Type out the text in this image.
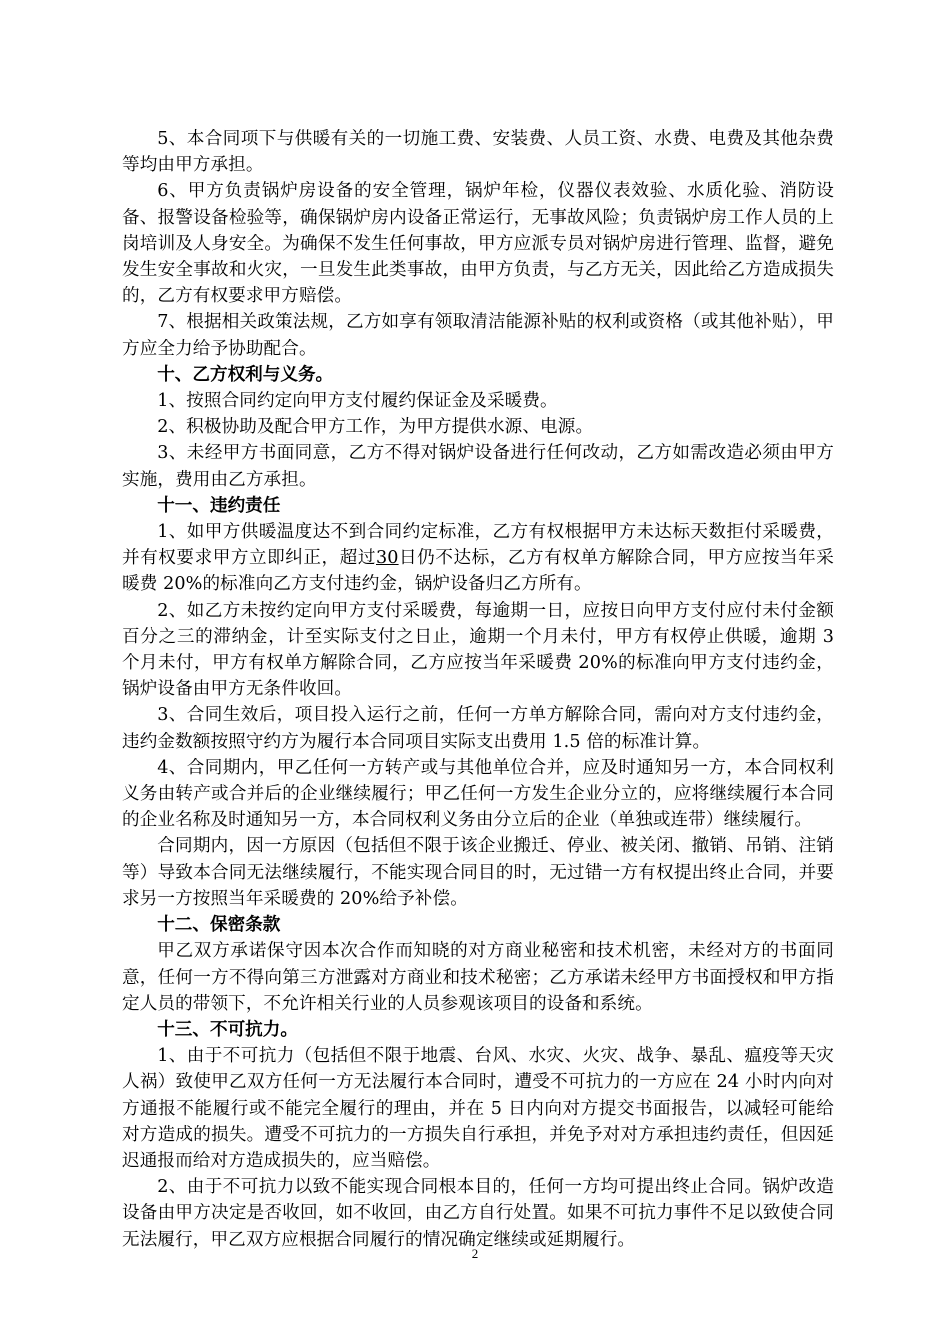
5、本合同项下与供暖有关的一切施工费、安装费、人员工资、水费、电费及其他杂费等均由甲方承担。

6、甲方负责锅炉房设备的安全管理，锅炉年检，仪器仪表效验、水质化验、消防设备、报警设备检验等，确保锅炉房内设备正常运行，无事故风险；负责锅炉房工作人员的上岗培训及人身安全。为确保不发生任何事故，甲方应派专员对锅炉房进行管理、监督，避免发生安全事故和火灾，一旦发生此类事故，由甲方负责，与乙方无关，因此给乙方造成损失的，乙方有权要求甲方赔偿。

7、根据相关政策法规，乙方如享有领取清洁能源补贴的权利或资格（或其他补贴），甲方应全力给予协助配合。

十、乙方权利与义务。

1、按照合同约定向甲方支付履约保证金及采暖费。

2、积极协助及配合甲方工作，为甲方提供水源、电源。

3、未经甲方书面同意，乙方不得对锅炉设备进行任何改动，乙方如需改造必须由甲方实施，费用由乙方承担。

十一、违约责任

1、如甲方供暖温度达不到合同约定标准，乙方有权根据甲方未达标天数拒付采暖费，并有权要求甲方立即纠正，超过30日仍不达标，乙方有权单方解除合同，甲方应按当年采暖费 20%的标准向乙方支付违约金，锅炉设备归乙方所有。

2、如乙方未按约定向甲方支付采暖费，每逾期一日，应按日向甲方支付应付未付金额百分之三的滞纳金，计至实际支付之日止，逾期一个月未付，甲方有权停止供暖，逾期 3 个月未付，甲方有权单方解除合同，乙方应按当年采暖费 20%的标准向甲方支付违约金，锅炉设备由甲方无条件收回。

3、合同生效后，项目投入运行之前，任何一方单方解除合同，需向对方支付违约金，违约金数额按照守约方为履行本合同项目实际支出费用 1.5 倍的标准计算。

4、合同期内，甲乙任何一方转产或与其他单位合并，应及时通知另一方，本合同权利义务由转产或合并后的企业继续履行；甲乙任何一方发生企业分立的，应将继续履行本合同的企业名称及时通知另一方，本合同权利义务由分立后的企业（单独或连带）继续履行。

合同期内，因一方原因（包括但不限于该企业搬迁、停业、被关闭、撤销、吊销、注销等）导致本合同无法继续履行，不能实现合同目的时，无过错一方有权提出终止合同，并要求另一方按照当年采暖费的 20%给予补偿。

十二、保密条款

甲乙双方承诺保守因本次合作而知晓的对方商业秘密和技术机密，未经对方的书面同意，任何一方不得向第三方泄露对方商业和技术秘密；乙方承诺未经甲方书面授权和甲方指定人员的带领下，不允许相关行业的人员参观该项目的设备和系统。

十三、不可抗力。

1、由于不可抗力（包括但不限于地震、台风、水灾、火灾、战争、暴乱、瘟疫等天灾人祸）致使甲乙双方任何一方无法履行本合同时，遭受不可抗力的一方应在 24 小时内向对方通报不能履行或不能完全履行的理由，并在 5 日内向对方提交书面报告，以减轻可能给对方造成的损失。遭受不可抗力的一方损失自行承担，并免予对对方承担违约责任，但因延迟通报而给对方造成损失的，应当赔偿。

2、由于不可抗力以致不能实现合同根本目的，任何一方均可提出终止合同。锅炉改造设备由甲方决定是否收回，如不收回，由乙方自行处置。如果不可抗力事件不足以致使合同无法履行，甲乙双方应根据合同履行的情况确定继续或延期履行。

2
